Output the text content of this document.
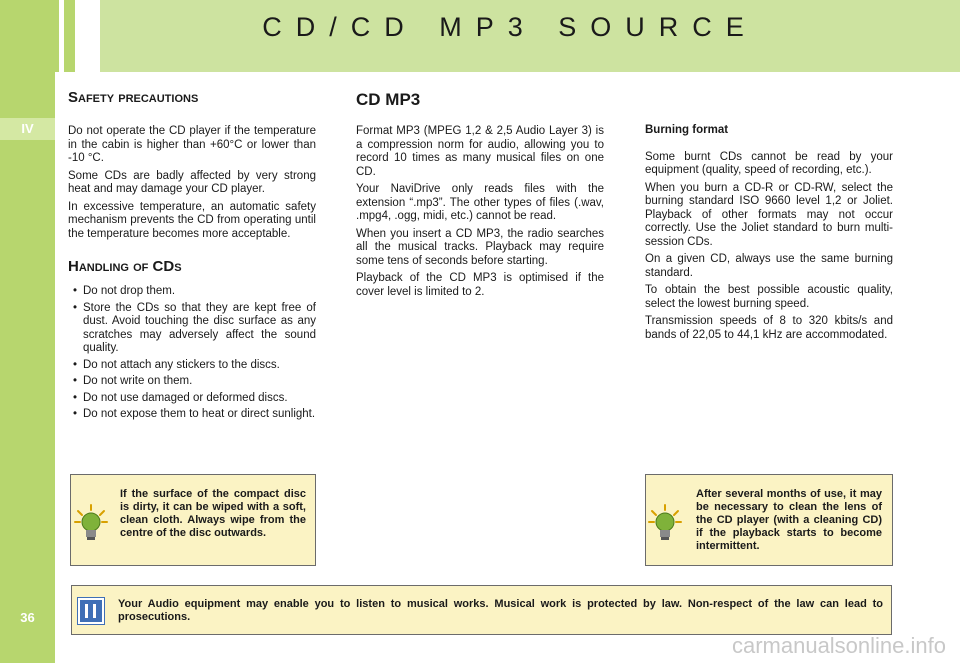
CD/CD MP3 SOURCE
IV
36
Safety precautions

Do not operate the CD player if the temperature in the cabin is higher than +60°C or lower than -10 °C.

Some CDs are badly affected by very strong heat and may damage your CD player.

In excessive temperature, an automatic safety mechanism prevents the CD from operating until the temperature becomes more acceptable.

Handling of CDs
• Do not drop them.
• Store the CDs so that they are kept free of dust. Avoid touching the disc surface as any scratches may adversely affect the sound quality.
• Do not attach any stickers to the discs.
• Do not write on them.
• Do not use damaged or deformed discs.
• Do not expose them to heat or direct sunlight.
CD MP3

Format MP3 (MPEG 1,2 & 2,5 Audio Layer 3) is a compression norm for audio, allowing you to record 10 times as many musical files on one CD.

Your NaviDrive only reads files with the extension “.mp3”. The other types of files (.wav, .mpg4, .ogg, midi, etc.) cannot be read.

When you insert a CD MP3, the radio searches all the musical tracks. Playback may require some tens of seconds before starting.

Playback of the CD MP3 is optimised if the cover level is limited to 2.

Burning format

Some burnt CDs cannot be read by your equipment (quality, speed of recording, etc.).

When you burn a CD-R or CD-RW, select the burning standard ISO 9660 level 1,2 or Joliet. Playback of other formats may not occur correctly. Use the Joliet standard to burn multi-session CDs.

On a given CD, always use the same burning standard.

To obtain the best possible acoustic quality, select the lowest burning speed.

Transmission speeds of 8 to 320 kbits/s and bands of 22,05 to 44,1 kHz are accommodated.

If the surface of the compact disc is dirty, it can be wiped with a soft, clean cloth. Always wipe from the centre of the disc outwards.
After several months of use, it may be necessary to clean the lens of the CD player (with a cleaning CD) if the playback starts to become intermittent.
Your Audio equipment may enable you to listen to musical works. Musical work is protected by law. Non-respect of the law can lead to prosecutions.
carmanualsonline.info
